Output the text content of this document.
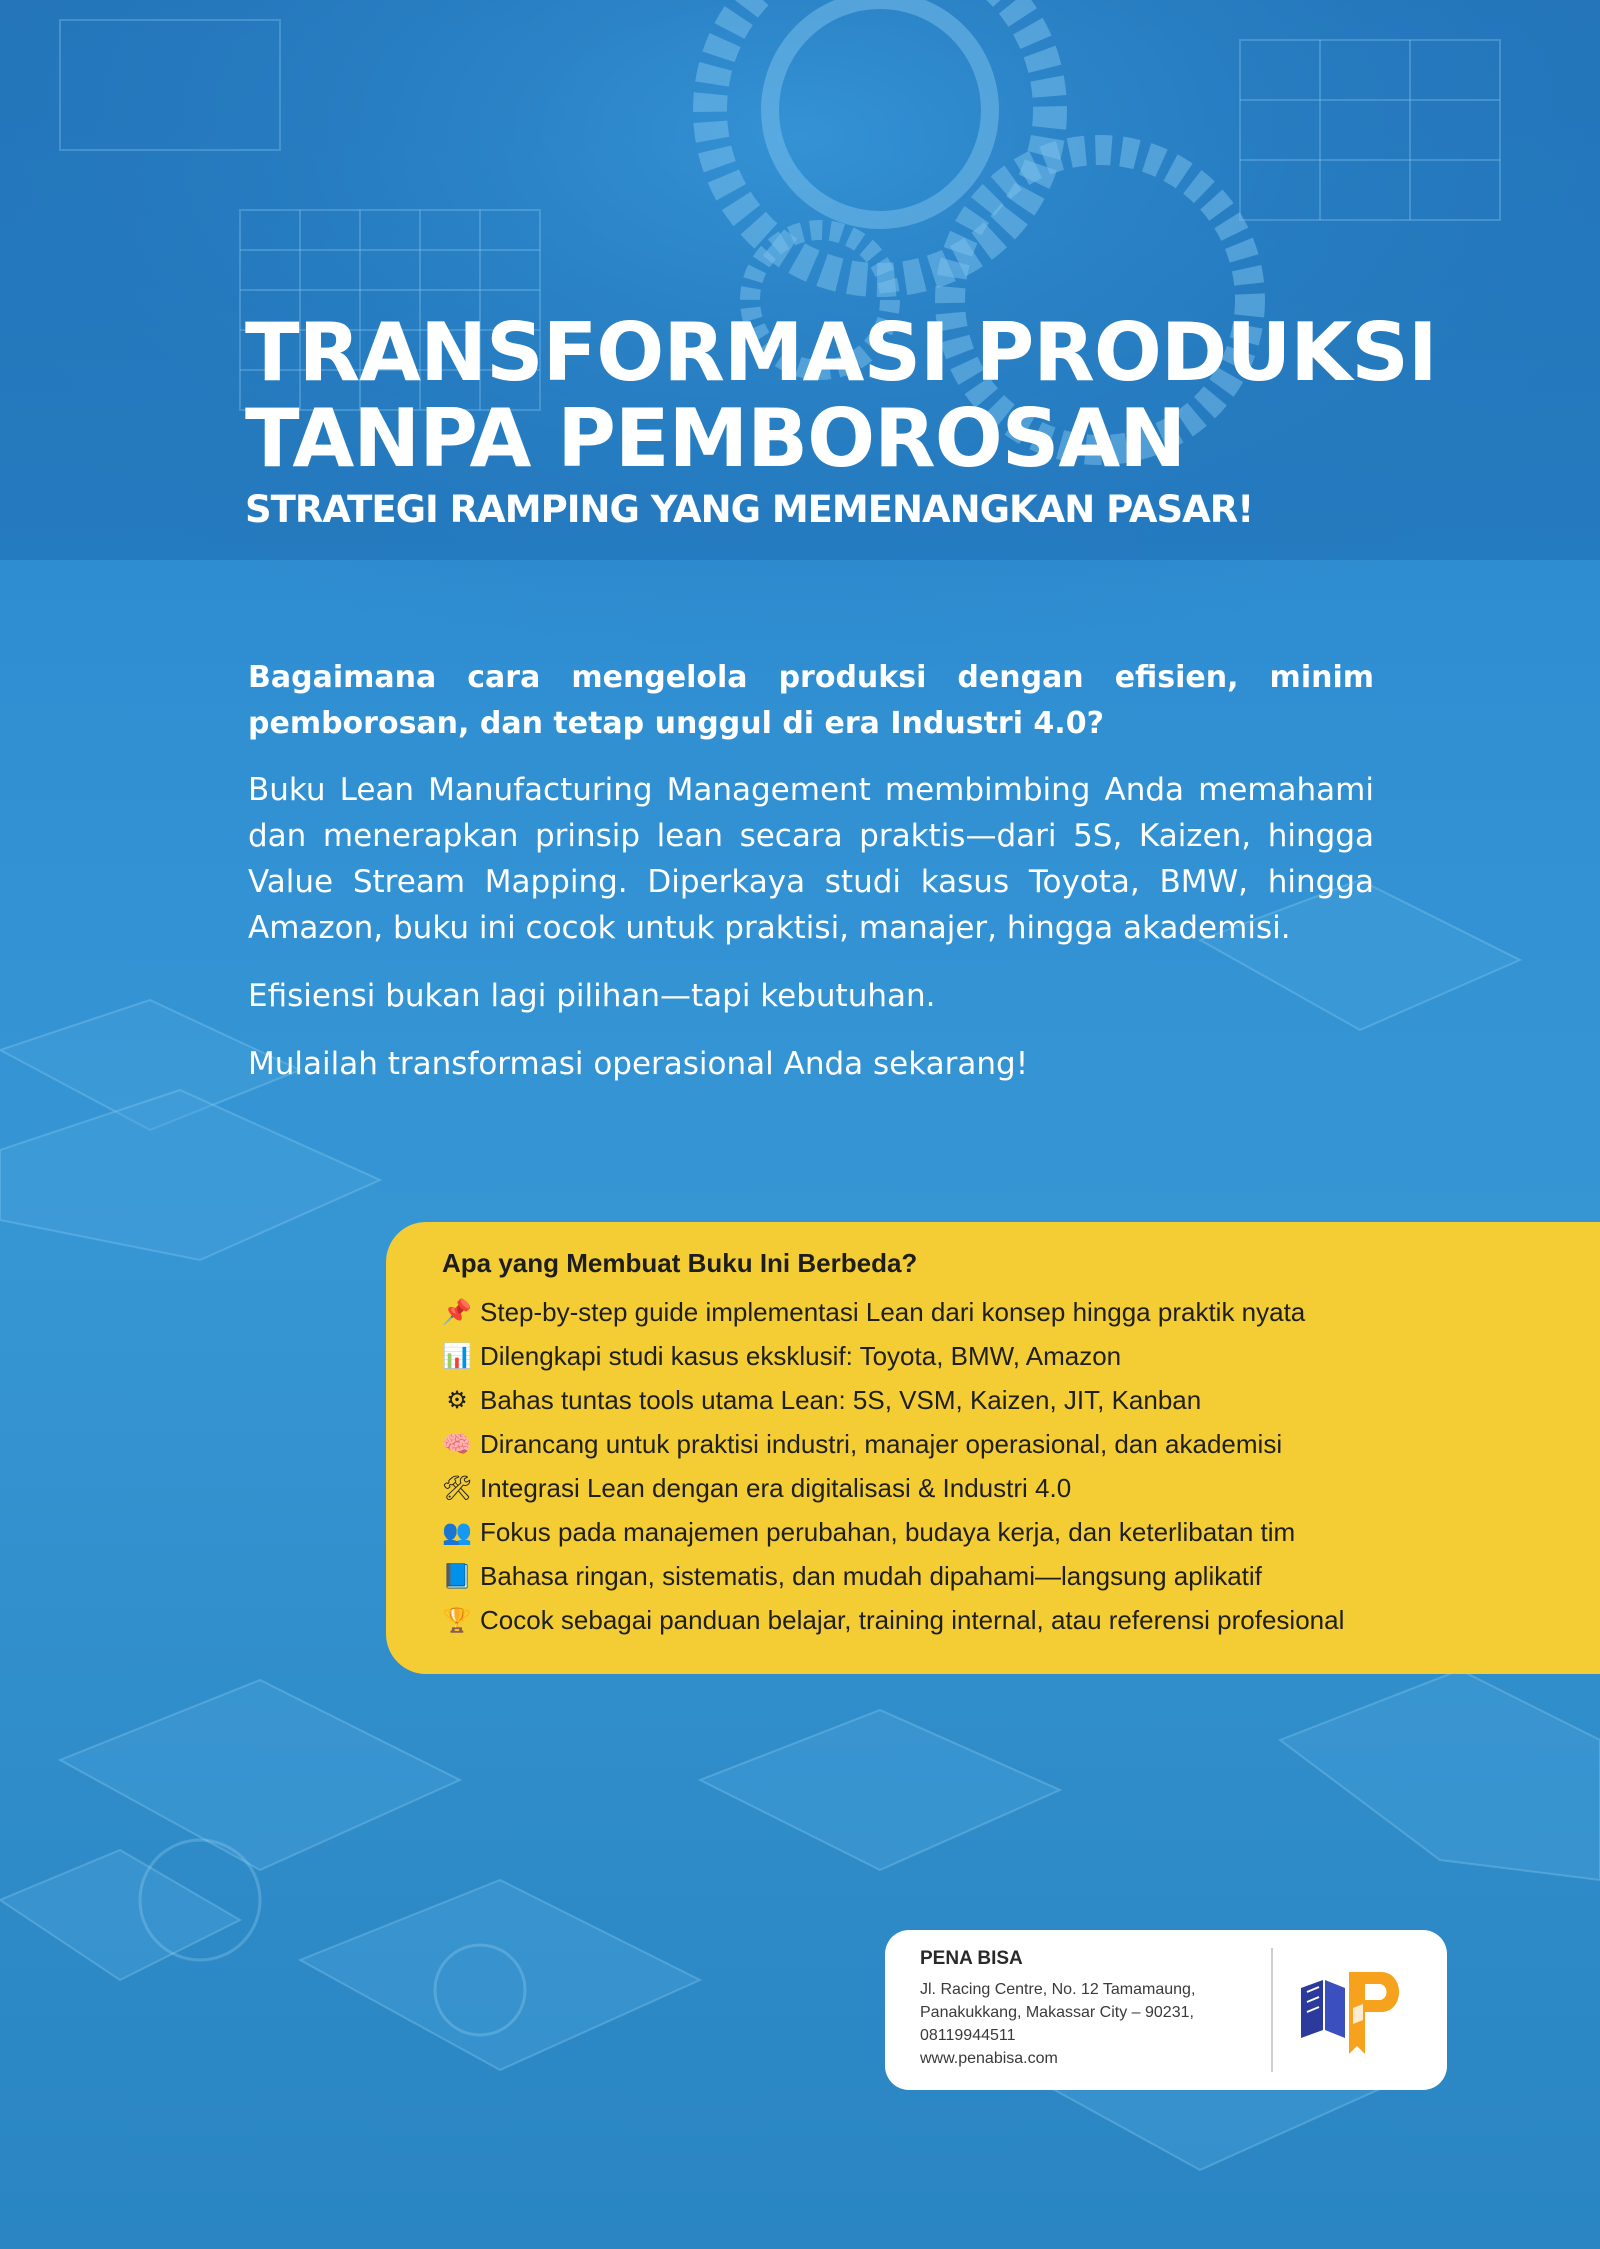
TRANSFORMASI PRODUKSI
TANPA PEMBOROSAN
STRATEGI RAMPING YANG MEMENANGKAN PASAR!

Bagaimana cara mengelola produksi dengan efisien, minim pemborosan, dan tetap unggul di era Industri 4.0?

Buku Lean Manufacturing Management membimbing Anda memahami dan menerapkan prinsip lean secara praktis—dari 5S, Kaizen, hingga Value Stream Mapping. Diperkaya studi kasus Toyota, BMW, hingga Amazon, buku ini cocok untuk praktisi, manajer, hingga akademisi.

Efisiensi bukan lagi pilihan—tapi kebutuhan.

Mulailah transformasi operasional Anda sekarang!

Apa yang Membuat Buku Ini Berbeda?
📌 Step-by-step guide implementasi Lean dari konsep hingga praktik nyata
📊 Dilengkapi studi kasus eksklusif: Toyota, BMW, Amazon
⚙ Bahas tuntas tools utama Lean: 5S, VSM, Kaizen, JIT, Kanban
🧠 Dirancang untuk praktisi industri, manajer operasional, dan akademisi
🛠 Integrasi Lean dengan era digitalisasi & Industri 4.0
👥 Fokus pada manajemen perubahan, budaya kerja, dan keterlibatan tim
📘 Bahasa ringan, sistematis, dan mudah dipahami—langsung aplikatif
🏆 Cocok sebagai panduan belajar, training internal, atau referensi profesional
PENA BISA
Jl. Racing Centre, No. 12 Tamamaung,
Panakukkang, Makassar City – 90231,
08119944511
www.penabisa.com
